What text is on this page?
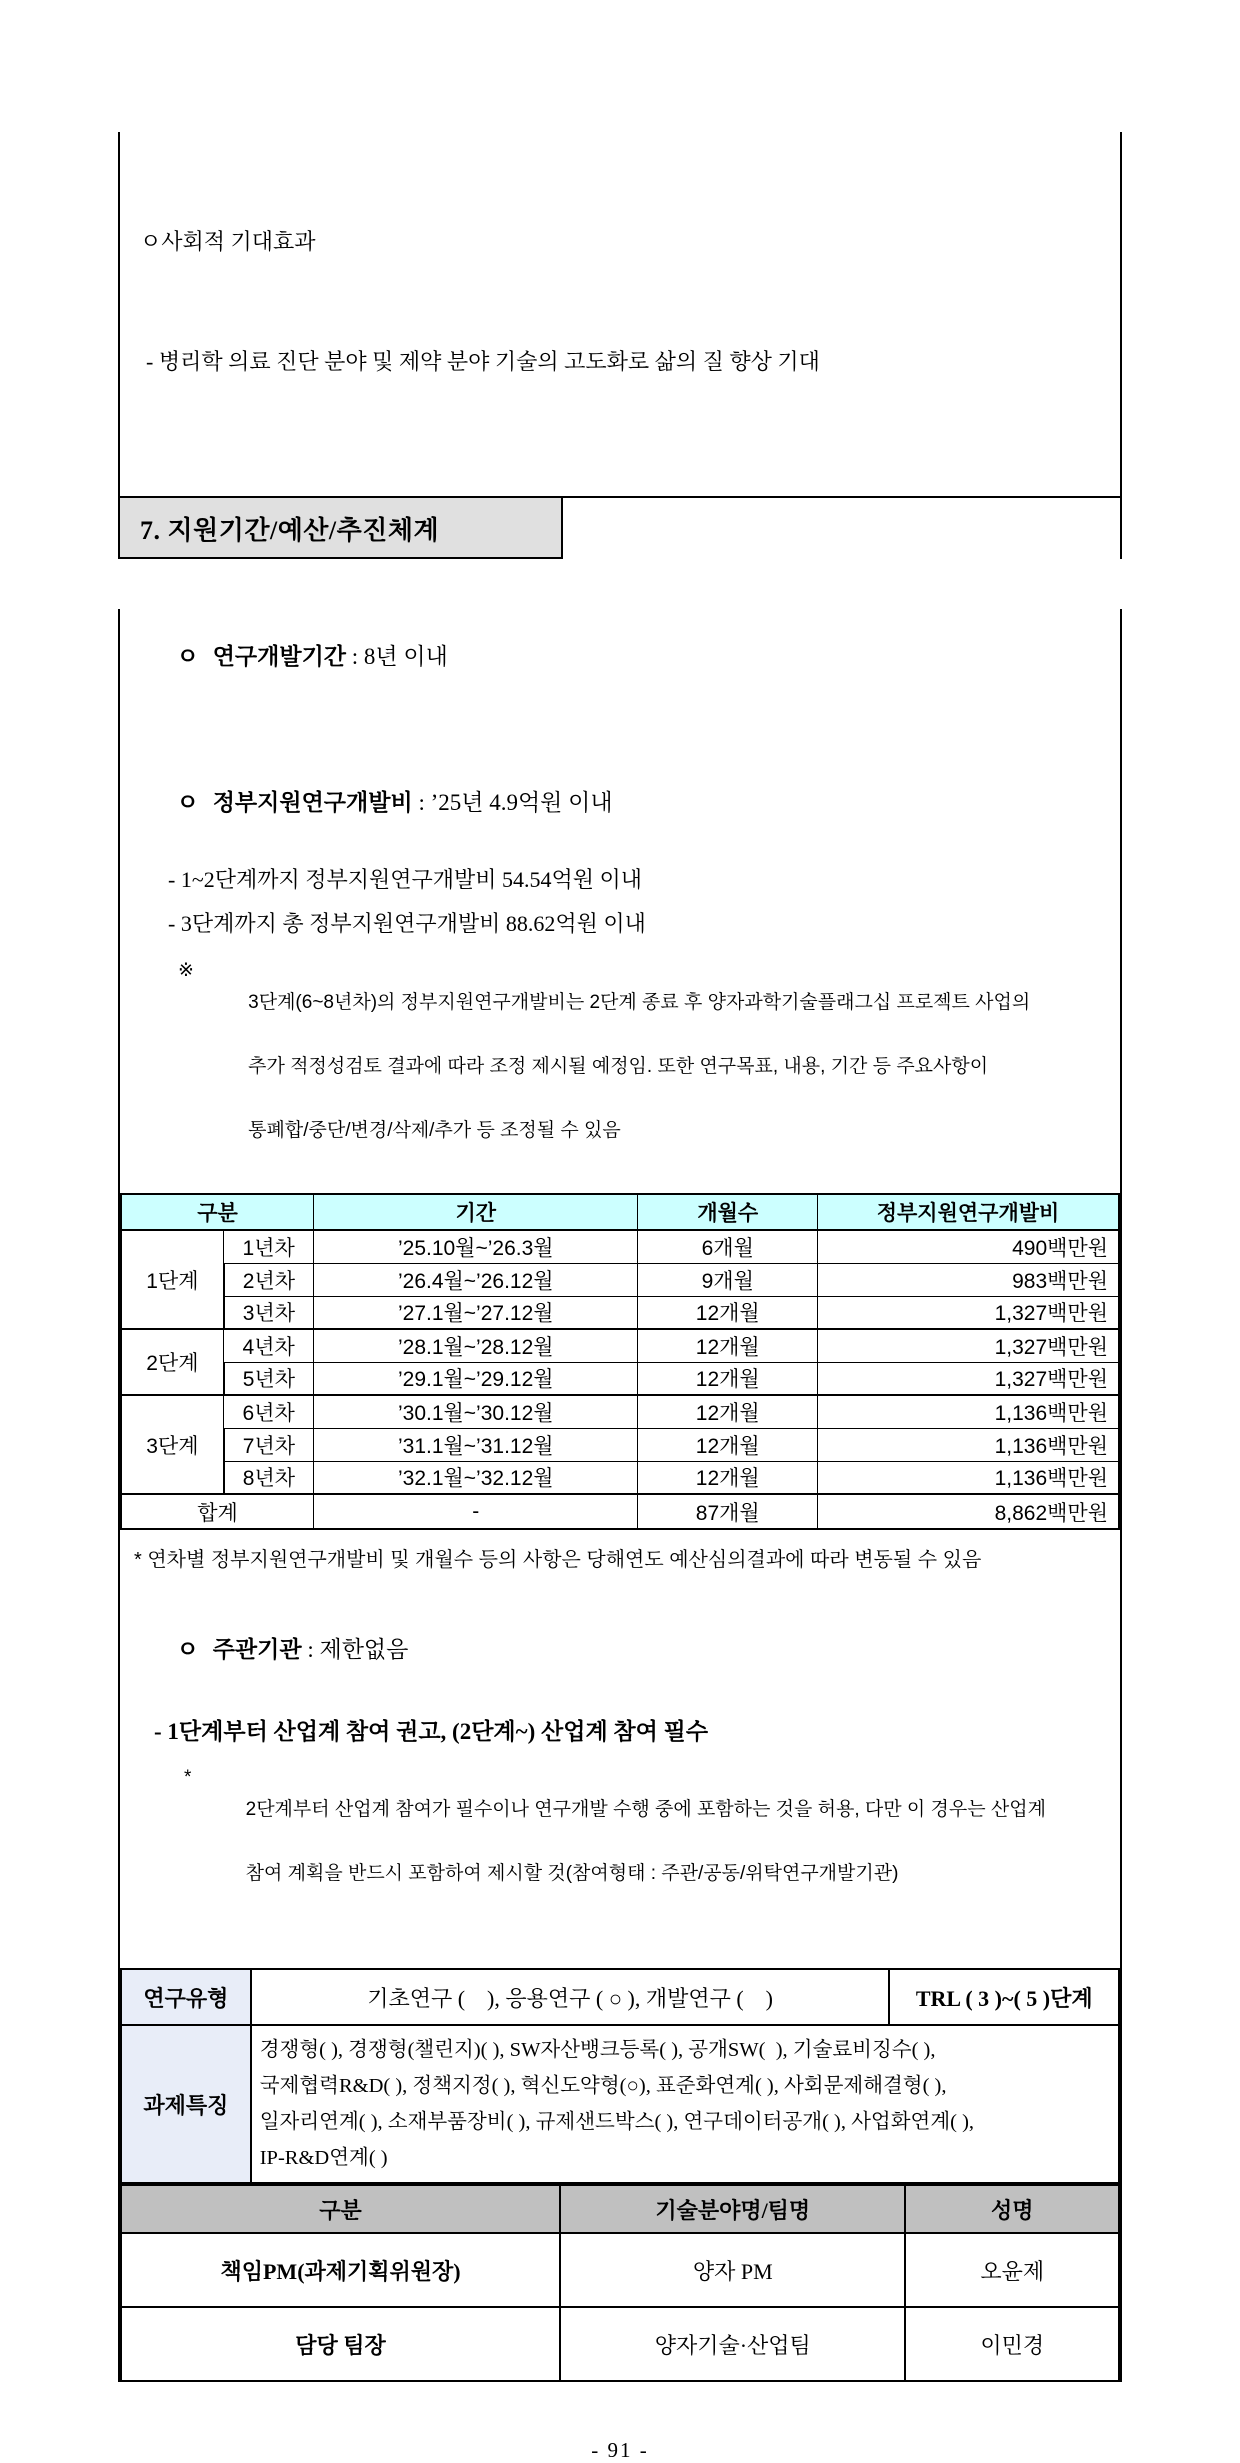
ㅇ사회적 기대효과

- 병리학 의료 진단 분야 및 제약 분야 기술의 고도화로 삶의 질 향상 기대

7. 지원기간/예산/추진체계

ㅇ 연구개발기간 : 8년 이내

ㅇ 정부지원연구개발비 : ’25년 4.9억원 이내

- 1~2단계까지 정부지원연구개발비 54.54억원 이내
- 3단계까지 총 정부지원연구개발비 88.62억원 이내
※

3단계(6~8년차)의 정부지원연구개발비는 2단계 종료 후 양자과학기술플래그십 프로젝트 사업의

추가 적정성검토 결과에 따라 조정 제시될 예정임. 또한 연구목표, 내용, 기간 등 주요사항이

통폐합/중단/변경/삭제/추가 등 조정될 수 있음

구분		기간	개월수	정부지원연구개발비
1단계	1년차	’25.10월~’26.3월	6개월	490백만원
	2년차	’26.4월~’26.12월	9개월	983백만원
	3년차	’27.1월~’27.12월	12개월	1,327백만원
2단계	4년차	’28.1월~’28.12월	12개월	1,327백만원
	5년차	’29.1월~’29.12월	12개월	1,327백만원
3단계	6년차	’30.1월~’30.12월	12개월	1,136백만원
	7년차	’31.1월~’31.12월	12개월	1,136백만원
	8년차	’32.1월~’32.12월	12개월	1,136백만원
합계		-	87개월	8,862백만원
* 연차별 정부지원연구개발비 및 개월수 등의 사항은 당해연도 예산심의결과에 따라 변동될 수 있음

ㅇ 주관기관 : 제한없음

- 1단계부터 산업계 참여 권고, (2단계~) 산업계 참여 필수
*

2단계부터 산업계 참여가 필수이나 연구개발 수행 중에 포함하는 것을 허용, 다만 이 경우는 산업계

참여 계획을 반드시 포함하여 제시할 것(참여형태 : 주관/공동/위탁연구개발기관)

연구유형	기초연구 (    ), 응용연구 ( ○ ), 개발연구 (    )	TRL ( 3 )~( 5 )단계
과제특징	경쟁형( ), 경쟁형(챌린지)( ), SW자산뱅크등록( ), 공개SW(  ), 기술료비징수( ),
국제협력R&D( ), 정책지정( ), 혁신도약형(○), 표준화연계( ), 사회문제해결형( ),
일자리연계( ), 소재부품장비( ), 규제샌드박스( ), 연구데이터공개( ), 사업화연계( ),
IP-R&D연계( )	
구분	기술분야명/팀명	성명
책임PM(과제기획위원장)	양자 PM	오윤제
담당 팀장	양자기술·산업팀	이민경
- 91 -
